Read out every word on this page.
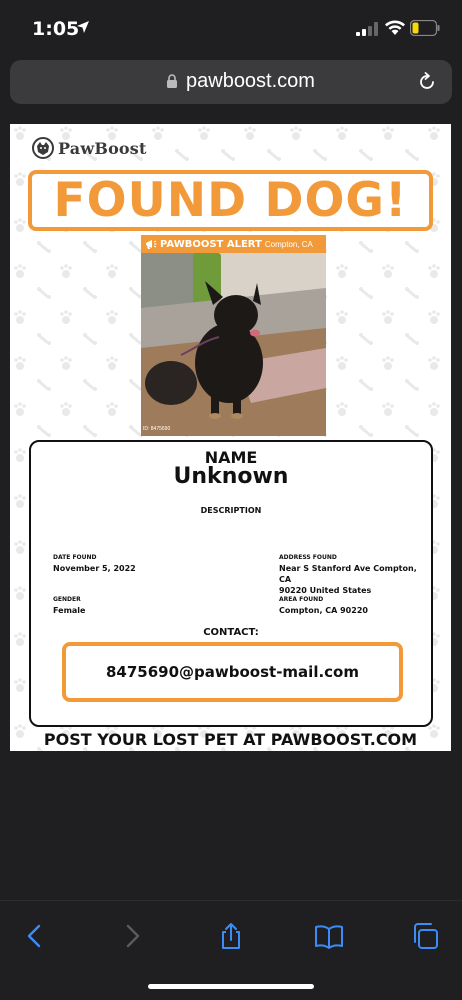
1:05
pawboost.com
PawBoost
FOUND DOG!
PAWBOOST ALERT Compton, CA
ID: 8475690
NAME
Unknown
DESCRIPTION
DATE FOUND
November 5, 2022
ADDRESS FOUND
Near S Stanford Ave Compton, CA
90220 United States
GENDER
Female
AREA FOUND
Compton, CA 90220
CONTACT:
8475690@pawboost-mail.com
POST YOUR LOST PET AT PAWBOOST.COM
